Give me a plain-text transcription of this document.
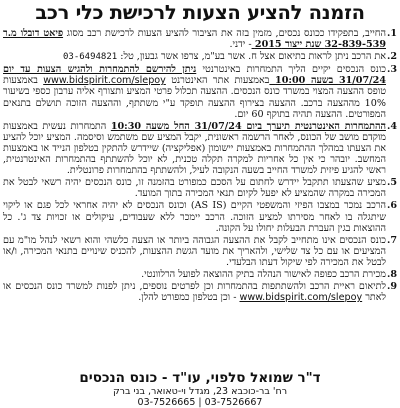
הזמנה להציע הצעות לרכישת כלי רכב
1.
החייב, בתפקידו ככונס נכסים, מזמין בזה את הציבור להציע הצעות לרכישת רכב מסוג פיאט דובלו מ.ר 32-839-539 שנת ייצור 2015 - ידני.
2.
את הרכב ניתן לראות בתיאום אצל ח. אשר בע"מ, צרפו אשר גבעון, טל: 03-6494821
3.
כונס הנכסים יקיים הליך התמחרות באינטרנטי ניתן להירשם להתמחרות ולהגיש הצעות עד יום 31/07/24 בשעה 10:00 באמצעות אתר האינטרנט www.bidspirit.com/slepoy באמצעות טופס ההצעה המצוי במשרד כונס הנכסים. ההצעה תכלול פרטי המציע ותצורף אליה ערבון כספי בשיעור 10% מההצעה ברכב. ההצעה בצירוף ההצעה תופקד ע"י משתתף, וההצעה הזוכה תושלם בתנאים המפורטים. ההצעה תהיה בתוקף 60 יום.
4.
ההתמחרות האינטרנטית תיערך ביום 31/07/24 החל משעה 10:30 התמחרות נעשית באמצעות מוקדם מושב של הכונס, לאחר הרשמה ראשונית, יקבל המציע שם משתמש וסיסמה. המציע יוכל להציע את הצעתו במהלך ההתמחרות באמצעות יישומון (אפליקציה) שיידרש להתקין בטלפון הנייד או באמצעות המחשב. יובהר כי אין כל אחריות למקרה תקלה טכנית, לא יוכל להשתתף בהתמחרות האינטרנטית, ראשי להגיע פיזית למשרד החייב בשעה הנקובה לעיל, ולהשתתף בהתמחרות פרונטלית.
5.
מציע שהצעתו תתקבל יידרש לחתום על הסכם כמפורט בהזמנה זו, כונס הנכסים יהיה רשאי לבטל את המכירה במקרה שהמציע לא יפעל לקיום תנאי המכירה בתוך המועד.
6.
הרכב נמכר במצבו הפיזי והמשפטי הקיים (AS IS) וכונס הנכסים לא יהיה אחראי לכל פגם או ליקוי שיתגלה בו לאחר מסירתו למציע הזוכה. הרכב יימכר ללא שעבודים, עיקולים או זכויות צד ג'. כל ההוצאות בגין העברת הבעלות יחולו על הקונה.
7.
כונס הנכסים אינו מתחייב לקבל את ההצעה הגבוהה ביותר או הצעה כלשהי והוא רשאי לנהל מו"מ עם המציעים או עם כל צד שלישי, ולהאריך את מועד הגשת ההצעות, להכניס שינויים בתנאי המכירה, ו/או לבטל את המכירה לפי שיקול דעתו הבלעדי.
8.
מכירת הרכב כפופה לאישור הנהלה בתיק ההוצאה לפועל הרלוונטי.
9.
לתיאום ראיית הרכב ולהשתתפות בהתמחרות וכן לפרטים נוספים, ניתן לפנות למשרד כונס הנכסים או לאתר www.bidspirit.com/slepoy - וכן בטלפון כמפורט להלן.
ד"ר שמואל סלפוי, עו"ד - כונס הנכסים
רח' בר-כוכבא 23, מגדל וי-טאואר, בני ברק
03-7526665 | 03-7526667
